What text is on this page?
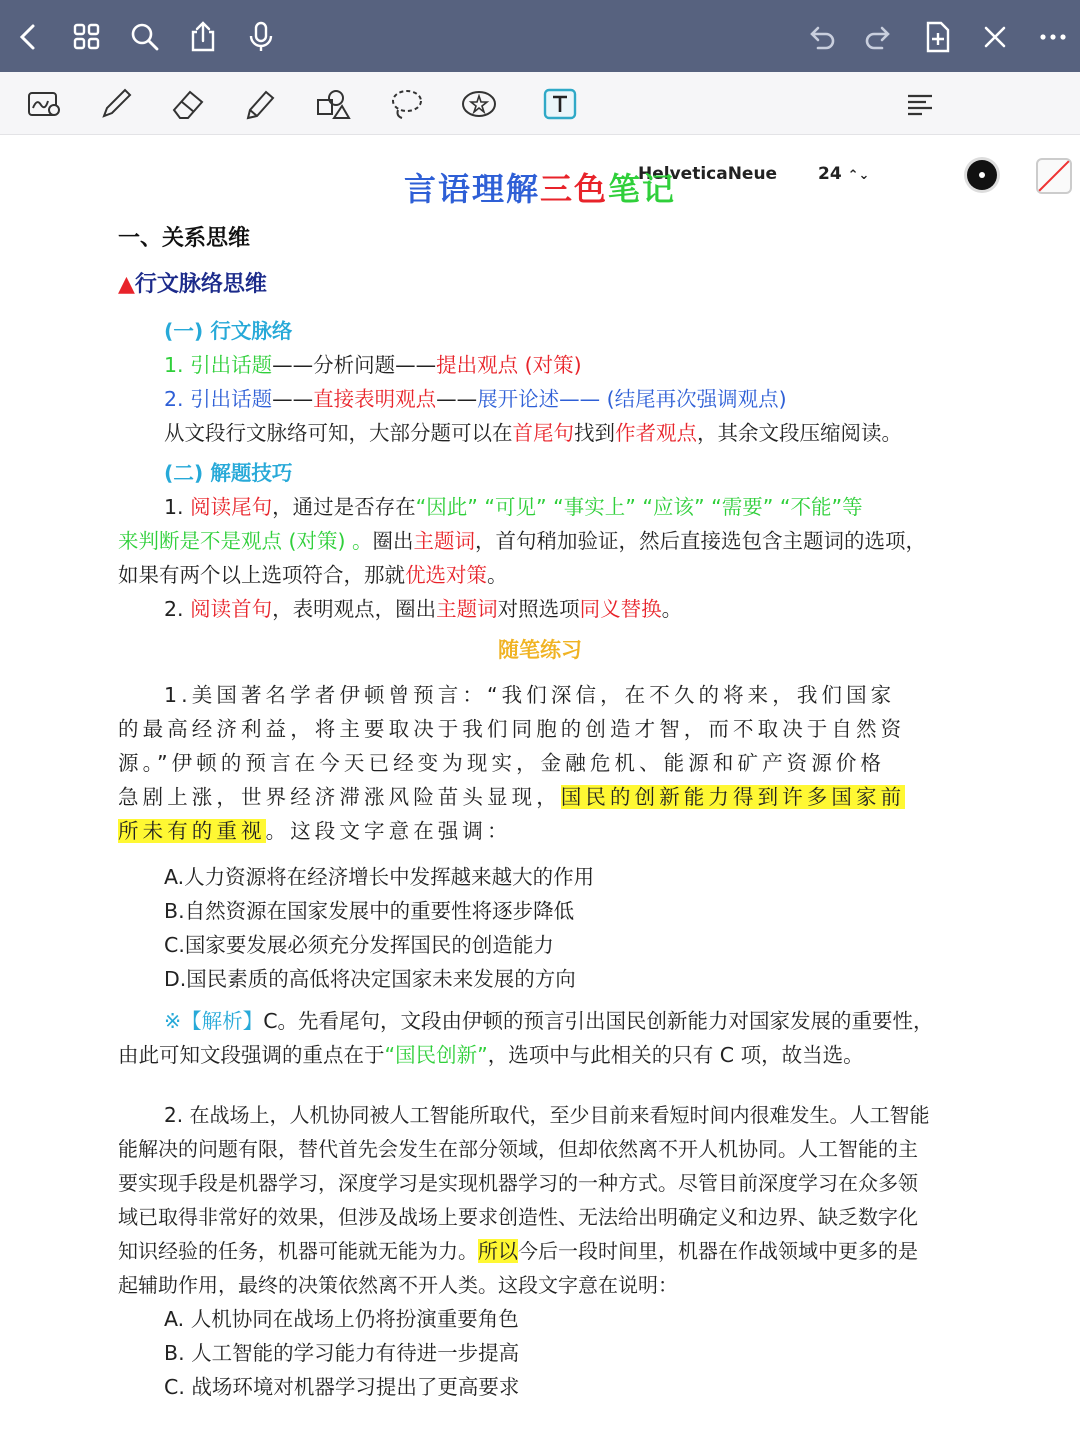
HelveticaNeue 24 ⌃⌄
言语理解三色笔记
一、关系思维
▲行文脉络思维
(一) 行文脉络
1. 引出话题——分析问题——提出观点 (对策)
2. 引出话题——直接表明观点——展开论述—— (结尾再次强调观点)
从文段行文脉络可知，大部分题可以在首尾句找到作者观点，其余文段压缩阅读。
(二) 解题技巧
1. 阅读尾句，通过是否存在“因此” “可见” “事实上” “应该” “需要” “不能”等
来判断是不是观点 (对策) 。圈出主题词，首句稍加验证，然后直接选包含主题词的选项，
如果有两个以上选项符合，那就优选对策。
2. 阅读首句，表明观点，圈出主题词对照选项同义替换。
随笔练习
1.美国著名学者伊顿曾预言：“我们深信，在不久的将来，我们国家
的最高经济利益，将主要取决于我们同胞的创造才智，而不取决于自然资
源。”伊顿的预言在今天已经变为现实，金融危机、能源和矿产资源价格
急剧上涨，世界经济滞涨风险苗头显现，国民的创新能力得到许多国家前
所未有的重视。这段文字意在强调：
A.人力资源将在经济增长中发挥越来越大的作用
B.自然资源在国家发展中的重要性将逐步降低
C.国家要发展必须充分发挥国民的创造能力
D.国民素质的高低将决定国家未来发展的方向
※【解析】C。先看尾句，文段由伊顿的预言引出国民创新能力对国家发展的重要性，
由此可知文段强调的重点在于“国民创新”，选项中与此相关的只有 C 项，故当选。
2. 在战场上，人机协同被人工智能所取代，至少目前来看短时间内很难发生。人工智能
能解决的问题有限，替代首先会发生在部分领域，但却依然离不开人机协同。人工智能的主
要实现手段是机器学习，深度学习是实现机器学习的一种方式。尽管目前深度学习在众多领
域已取得非常好的效果，但涉及战场上要求创造性、无法给出明确定义和边界、缺乏数字化
知识经验的任务，机器可能就无能为力。所以今后一段时间里，机器在作战领域中更多的是
起辅助作用，最终的决策依然离不开人类。这段文字意在说明：
A. 人机协同在战场上仍将扮演重要角色
B. 人工智能的学习能力有待进一步提高
C. 战场环境对机器学习提出了更高要求
